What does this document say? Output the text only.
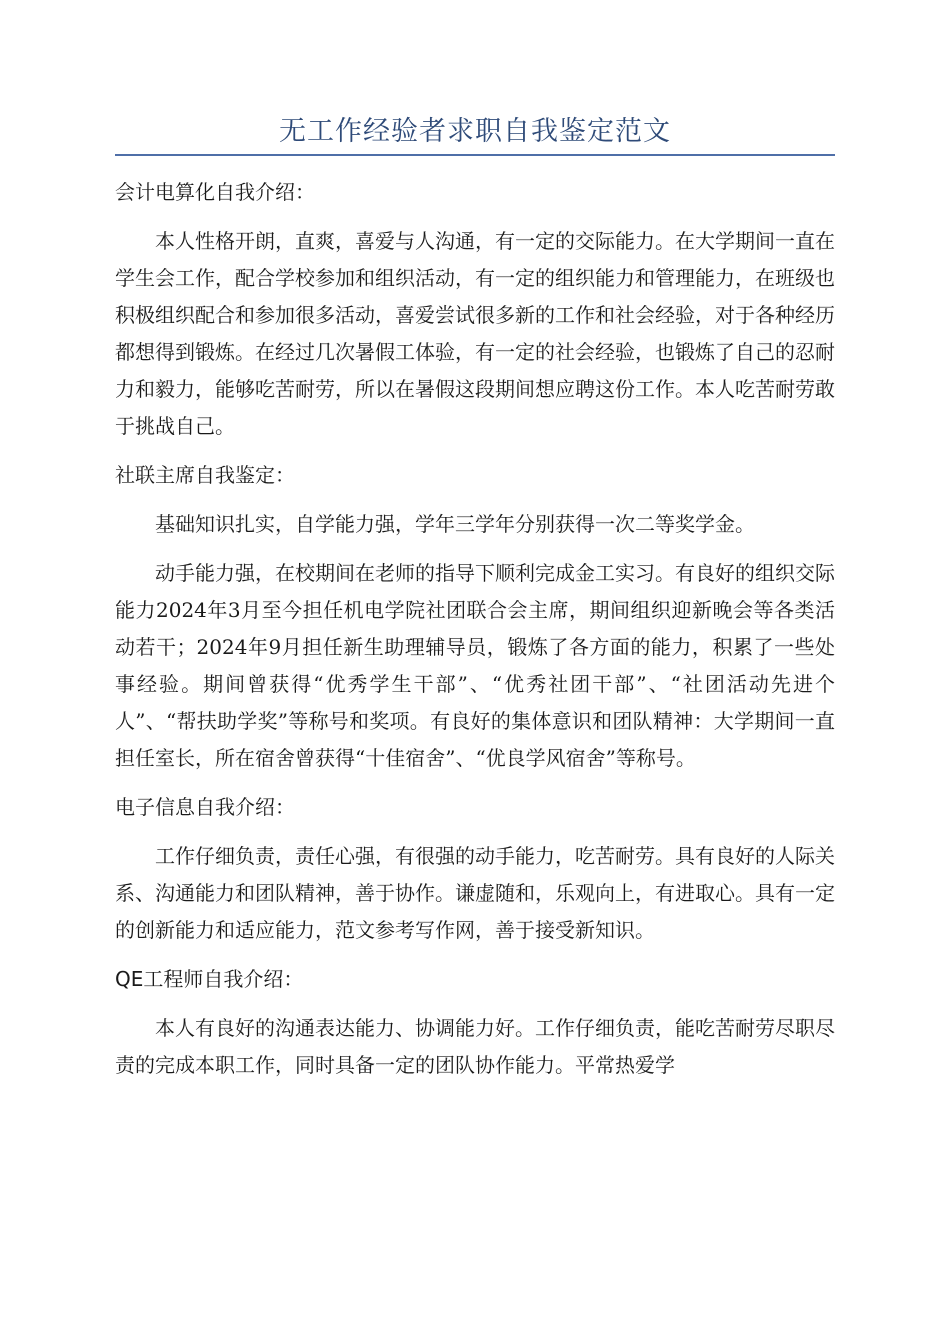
无工作经验者求职自我鉴定范文

会计电算化自我介绍：

本人性格开朗，直爽，喜爱与人沟通，有一定的交际能力。在大学期间一直在学生会工作，配合学校参加和组织活动，有一定的组织能力和管理能力，在班级也积极组织配合和参加很多活动，喜爱尝试很多新的工作和社会经验，对于各种经历都想得到锻炼。在经过几次暑假工体验，有一定的社会经验，也锻炼了自己的忍耐力和毅力，能够吃苦耐劳，所以在暑假这段期间想应聘这份工作。本人吃苦耐劳敢于挑战自己。

社联主席自我鉴定：

基础知识扎实，自学能力强，学年三学年分别获得一次二等奖学金。

动手能力强，在校期间在老师的指导下顺利完成金工实习。有良好的组织交际能力2024年3月至今担任机电学院社团联合会主席，期间组织迎新晚会等各类活动若干；2024年9月担任新生助理辅导员，锻炼了各方面的能力，积累了一些处事经验。期间曾获得“优秀学生干部”、“优秀社团干部”、“社团活动先进个人”、“帮扶助学奖”等称号和奖项。有良好的集体意识和团队精神：大学期间一直担任室长，所在宿舍曾获得“十佳宿舍”、“优良学风宿舍”等称号。

电子信息自我介绍：

工作仔细负责，责任心强，有很强的动手能力，吃苦耐劳。具有良好的人际关系、沟通能力和团队精神，善于协作。谦虚随和，乐观向上，有进取心。具有一定的创新能力和适应能力，范文参考写作网，善于接受新知识。

QE工程师自我介绍：

本人有良好的沟通表达能力、协调能力好。工作仔细负责，能吃苦耐劳尽职尽责的完成本职工作，同时具备一定的团队协作能力。平常热爱学
